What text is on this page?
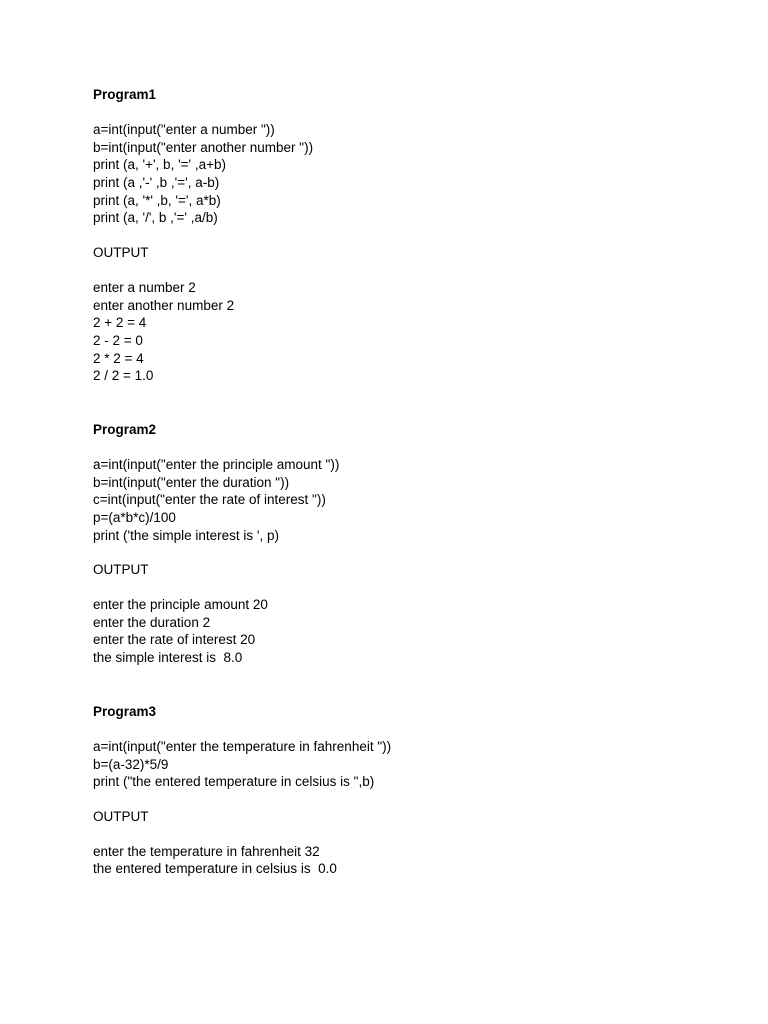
Program1
a=int(input("enter a number "))
b=int(input("enter another number "))
print (a, '+', b, '=' ,a+b)
print (a ,'-' ,b ,'=', a-b)
print (a, '*' ,b, '=', a*b)
print (a, '/', b ,'=' ,a/b)
OUTPUT
enter a number 2
enter another number 2
2 + 2 = 4
2 - 2 = 0
2 * 2 = 4
2 / 2 = 1.0
Program2
a=int(input("enter the principle amount "))
b=int(input("enter the duration "))
c=int(input("enter the rate of interest "))
p=(a*b*c)/100
print ('the simple interest is ', p)
OUTPUT
enter the principle amount 20
enter the duration 2
enter the rate of interest 20
the simple interest is  8.0
Program3
a=int(input("enter the temperature in fahrenheit "))
b=(a-32)*5/9
print ("the entered temperature in celsius is ",b)
OUTPUT
enter the temperature in fahrenheit 32
the entered temperature in celsius is  0.0
